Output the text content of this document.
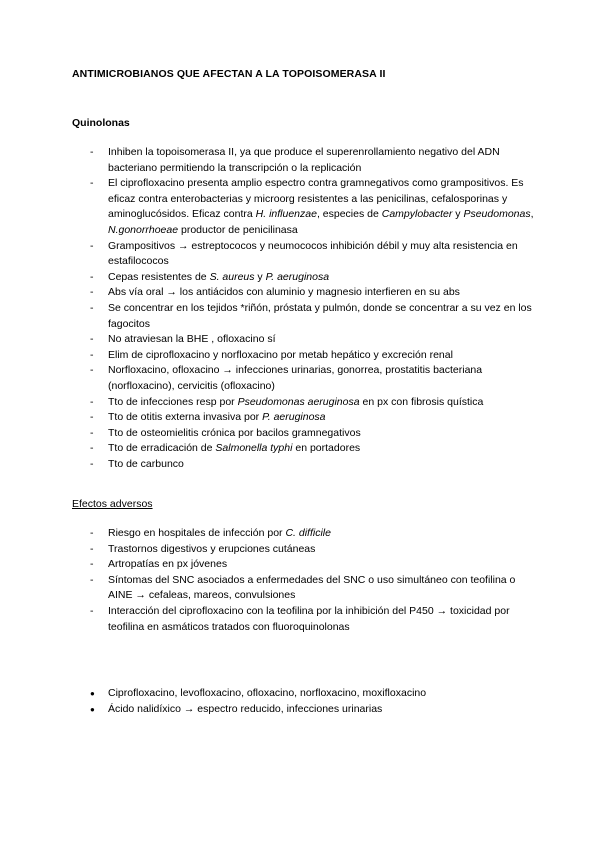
ANTIMICROBIANOS QUE AFECTAN A LA TOPOISOMERASA II
Quinolonas
- Inhiben la topoisomerasa II, ya que produce el superenrollamiento negativo del ADN bacteriano permitiendo la transcripción o la replicación
- El ciprofloxacino presenta amplio espectro contra gramnegativos como grampositivos. Es eficaz contra enterobacterias y microorg resistentes a las penicilinas, cefalosporinas y aminoglucósidos. Eficaz contra H. influenzae, especies de Campylobacter y Pseudomonas, N.gonorrhoeae productor de penicilinasa
- Grampositivos → estreptococos y neumococos inhibición débil y muy alta resistencia en estafilococos
- Cepas resistentes de S. aureus y P. aeruginosa
- Abs vía oral → los antiácidos con aluminio y magnesio interfieren en su abs
- Se concentrar en los tejidos *riñón, próstata y pulmón, donde se concentrar a su vez en los fagocitos
- No atraviesan la BHE , ofloxacino sí
- Elim de ciprofloxacino y norfloxacino por metab hepático y excreción renal
- Norfloxacino, ofloxacino → infecciones urinarias, gonorrea, prostatitis bacteriana (norfloxacino), cervicitis (ofloxacino)
- Tto de infecciones resp por Pseudomonas aeruginosa en px con fibrosis quística
- Tto de otitis externa invasiva por P. aeruginosa
- Tto de osteomielitis crónica por bacilos gramnegativos
- Tto de erradicación de Salmonella typhi en portadores
- Tto de carbunco
Efectos adversos
- Riesgo en hospitales de infección por C. difficile
- Trastornos digestivos y erupciones cutáneas
- Artropatías en px jóvenes
- Síntomas del SNC asociados a enfermedades del SNC o uso simultáneo con teofilina o AINE → cefaleas, mareos, convulsiones
- Interacción del ciprofloxacino con la teofilina por la inhibición del P450 → toxicidad por teofilina en asmáticos tratados con fluoroquinolonas
● Ciprofloxacino, levofloxacino, ofloxacino, norfloxacino, moxifloxacino
● Ácido nalidíxico → espectro reducido, infecciones urinarias
